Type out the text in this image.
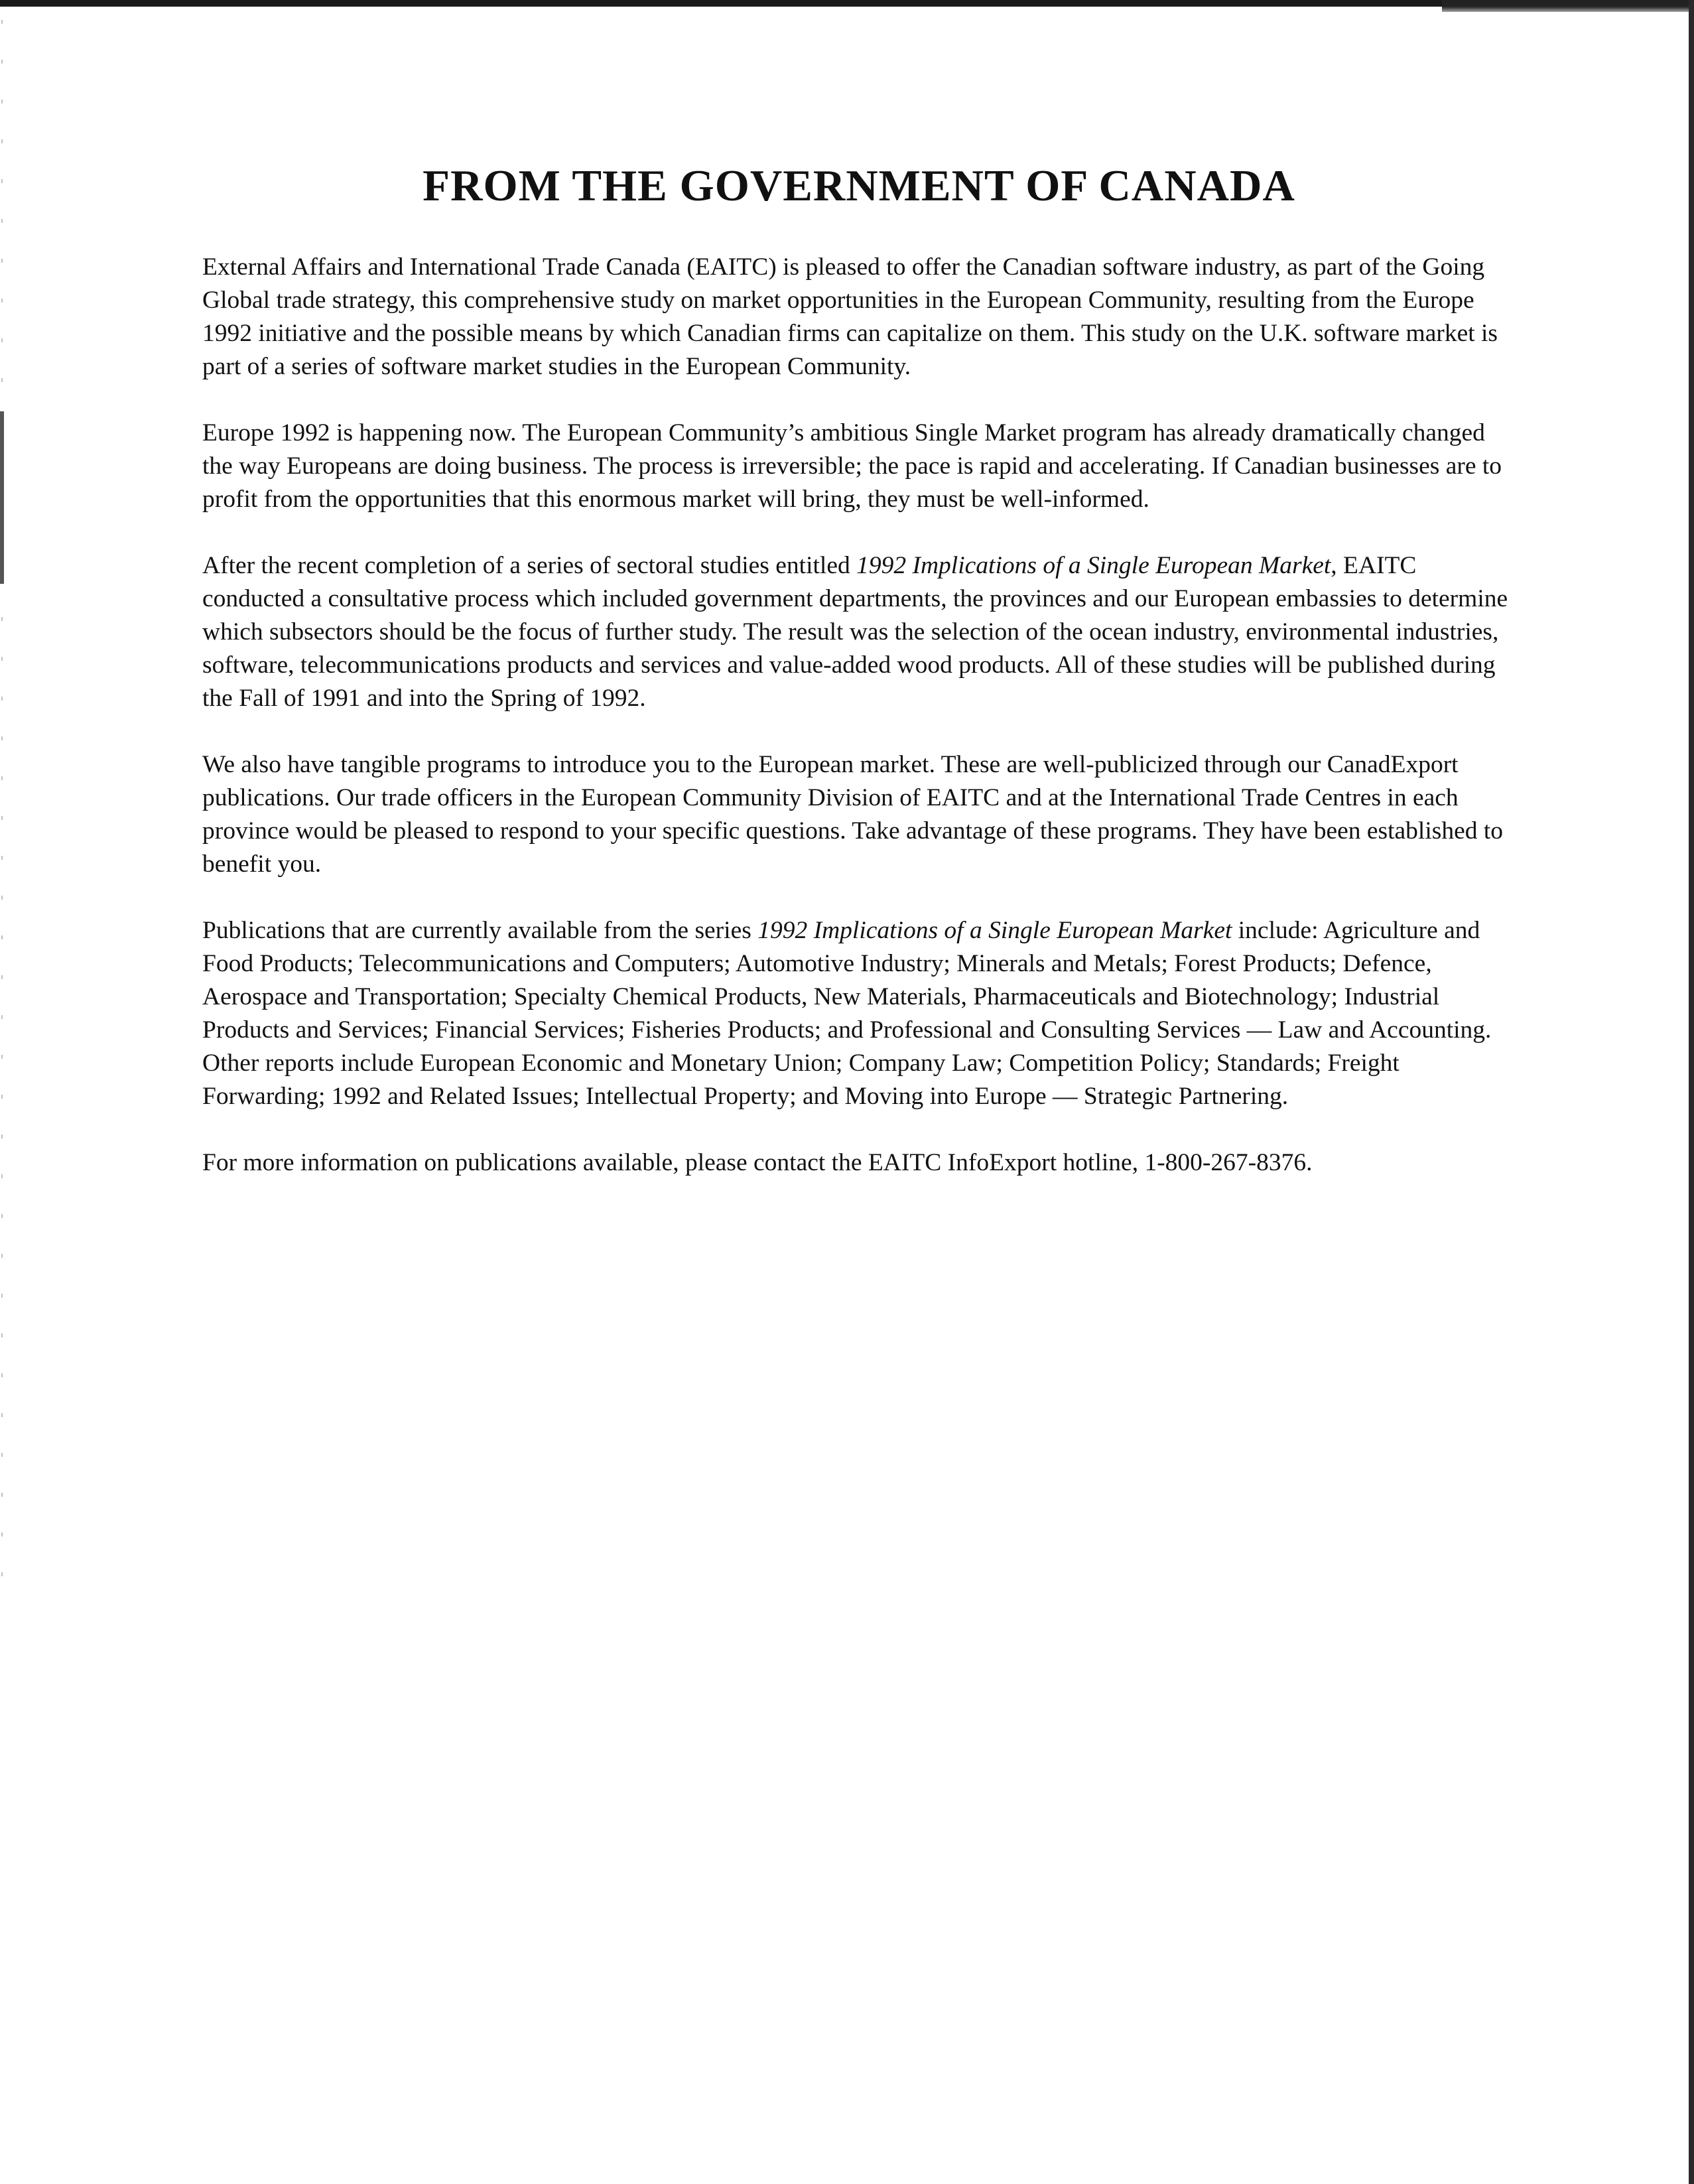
FROM THE GOVERNMENT OF CANADA

External Affairs and International Trade Canada (EAITC) is pleased to offer the Canadian software industry, as part of the Going Global trade strategy, this comprehensive study on market opportunities in the European Community, resulting from the Europe 1992 initiative and the possible means by which Canadian firms can capitalize on them. This study on the U.K. software market is part of a series of software market studies in the European Community.

Europe 1992 is happening now. The European Community’s ambitious Single Market program has already dramatically changed the way Europeans are doing business. The process is irreversible; the pace is rapid and accelerating. If Canadian businesses are to profit from the opportunities that this enormous market will bring, they must be well-informed.

After the recent completion of a series of sectoral studies entitled 1992 Implications of a Single European Market, EAITC conducted a consultative process which included government departments, the provinces and our European embassies to determine which subsectors should be the focus of further study. The result was the selection of the ocean industry, environmental industries, software, telecommunications products and services and value-added wood products. All of these studies will be published during the Fall of 1991 and into the Spring of 1992.

We also have tangible programs to introduce you to the European market. These are well-publicized through our CanadExport publications. Our trade officers in the European Community Division of EAITC and at the International Trade Centres in each province would be pleased to respond to your specific questions. Take advantage of these programs. They have been established to benefit you.

Publications that are currently available from the series 1992 Implications of a Single European Market include: Agriculture and Food Products; Telecommunications and Computers; Automotive Industry; Minerals and Metals; Forest Products; Defence, Aerospace and Transportation; Specialty Chemical Products, New Materials, Pharmaceuticals and Biotechnology; Industrial Products and Services; Financial Services; Fisheries Products; and Professional and Consulting Services — Law and Accounting. Other reports include European Economic and Monetary Union; Company Law; Competition Policy; Standards; Freight Forwarding; 1992 and Related Issues; Intellectual Property; and Moving into Europe — Strategic Partnering.

For more information on publications available, please contact the EAITC InfoExport hotline, 1-800-267-8376.
